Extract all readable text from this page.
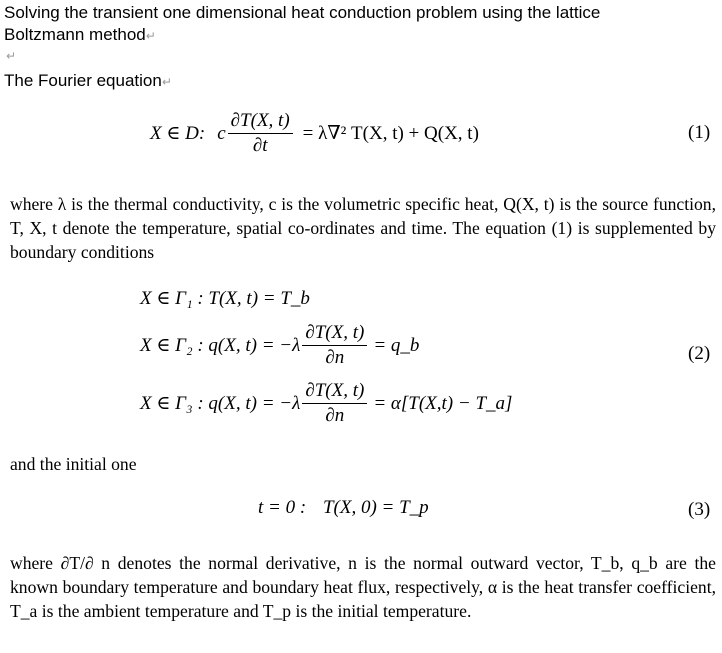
Solving the transient one dimensional heat conduction problem using the lattice
Boltzmann method↵
↵
The Fourier equation↵
X ∈ D: c $\frac{\partial T(X, t)}{\partial t} = \lambda\nabla^2$ T(X, t) + Q(X, t)	(1)
where λ is the thermal conductivity, c is the volumetric specific heat, Q(X, t) is the source function, T, X, t denote the temperature, spatial co-ordinates and time. The equation (1) is supplemented by boundary conditions
X ∈ Γ₁ : T(X, t) = T_b
X ∈ Γ₂ : q(X, $t) = -\lambda \frac{\partial T(X, t)}{\partial n}$ = q_b	(2)
X ∈ Γ₃ : q(X, $t) = -\lambda \frac{\partial T(X, t)}{\partial n} = \alpha[T(X,t)$ − T_a]
and the initial one
t = 0 : T(X, 0) = T_p	(3)
where ∂T/∂ n denotes the normal derivative, n is the normal outward vector, T_b, q_b are the known boundary temperature and boundary heat flux, respectively, α is the heat transfer coefficient, T_a is the ambient temperature and T_p is the initial temperature.
